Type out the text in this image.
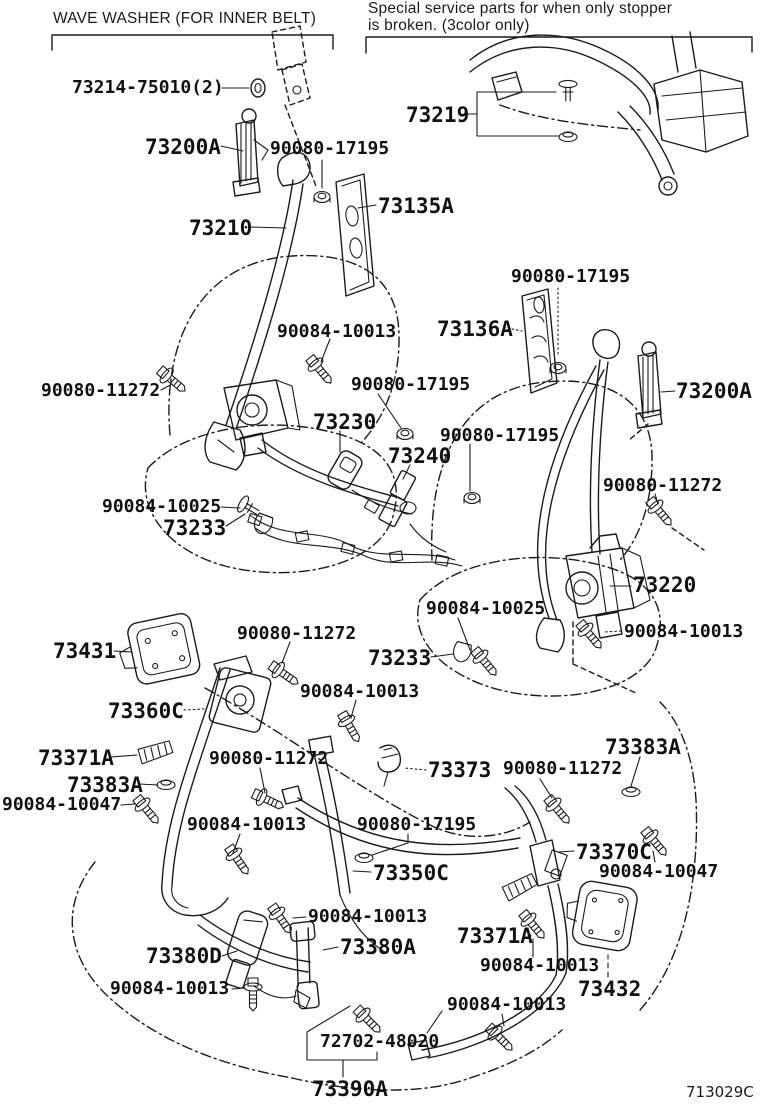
73214-75010(2)
73200A	90080-17195
73219
73135A
73210
90084-10013
90080-11272	90080-17195
73136A
90080-17195
73200A
73230
73240
90080-17195
90080-11272
73220
90084-10025
90084-10013
90084-10025
73233
73431
90080-11272
73233
73360C
73371A
73383A
90084-10047
90080-11272
90084-10013
90084-10013
73373 90080-11272
73383A
90080-17195
73350C
73370C
90084-10047
73380D
90084-10013
90084-10013
73380A 73371A
90084-10013
73432
90084-10013
72702-48020
73390A
WAVE WASHER (FOR INNER BELT)
Special service parts for when only stopper
is broken. (3color only)
713029C
